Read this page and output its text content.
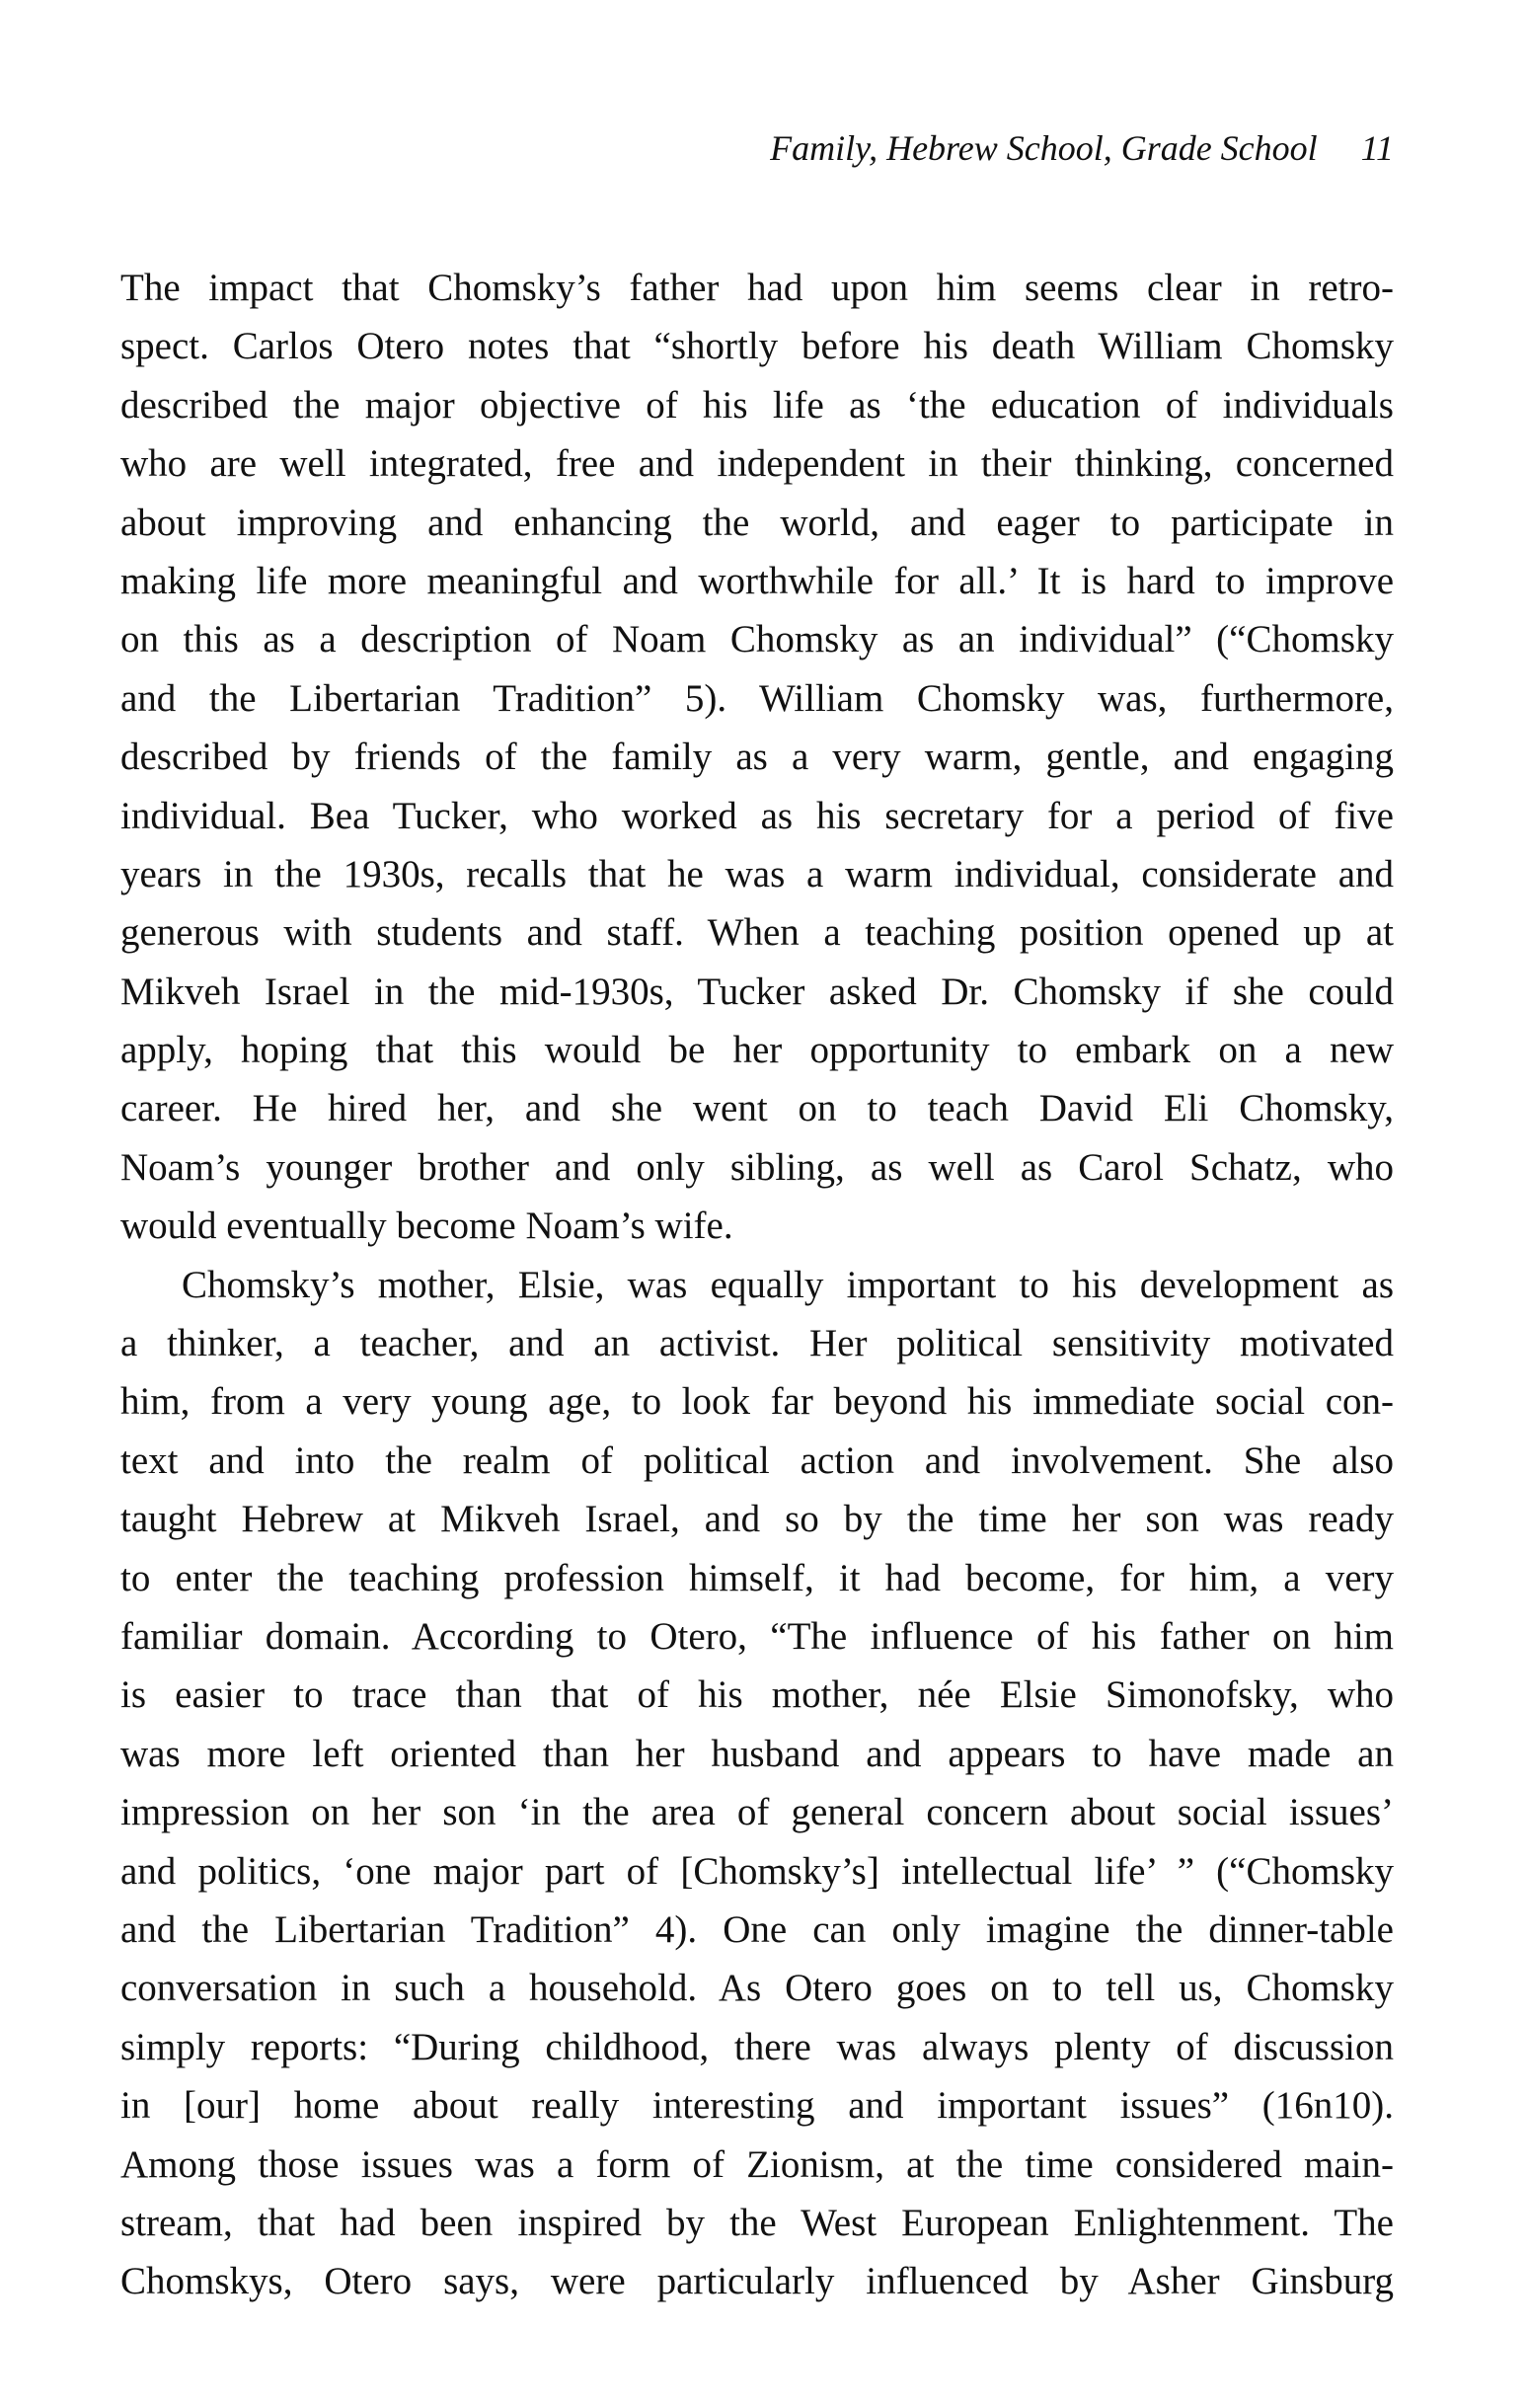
Family, Hebrew School, Grade School 11
The impact that Chomsky’s father had upon him seems clear in retro-
spect. Carlos Otero notes that “shortly before his death William Chomsky
described the major objective of his life as ‘the education of individuals
who are well integrated, free and independent in their thinking, concerned
about improving and enhancing the world, and eager to participate in
making life more meaningful and worthwhile for all.’ It is hard to improve
on this as a description of Noam Chomsky as an individual” (“Chomsky
and the Libertarian Tradition” 5). William Chomsky was, furthermore,
described by friends of the family as a very warm, gentle, and engaging
individual. Bea Tucker, who worked as his secretary for a period of five
years in the 1930s, recalls that he was a warm individual, considerate and
generous with students and staff. When a teaching position opened up at
Mikveh Israel in the mid-1930s, Tucker asked Dr. Chomsky if she could
apply, hoping that this would be her opportunity to embark on a new
career. He hired her, and she went on to teach David Eli Chomsky,
Noam’s younger brother and only sibling, as well as Carol Schatz, who
would eventually become Noam’s wife.
Chomsky’s mother, Elsie, was equally important to his development as
a thinker, a teacher, and an activist. Her political sensitivity motivated
him, from a very young age, to look far beyond his immediate social con-
text and into the realm of political action and involvement. She also
taught Hebrew at Mikveh Israel, and so by the time her son was ready
to enter the teaching profession himself, it had become, for him, a very
familiar domain. According to Otero, “The influence of his father on him
is easier to trace than that of his mother, née Elsie Simonofsky, who
was more left oriented than her husband and appears to have made an
impression on her son ‘in the area of general concern about social issues’
and politics, ‘one major part of [Chomsky’s] intellectual life’ ” (“Chomsky
and the Libertarian Tradition” 4). One can only imagine the dinner-table
conversation in such a household. As Otero goes on to tell us, Chomsky
simply reports: “During childhood, there was always plenty of discussion
in [our] home about really interesting and important issues” (16n10).
Among those issues was a form of Zionism, at the time considered main-
stream, that had been inspired by the West European Enlightenment. The
Chomskys, Otero says, were particularly influenced by Asher Ginsburg
